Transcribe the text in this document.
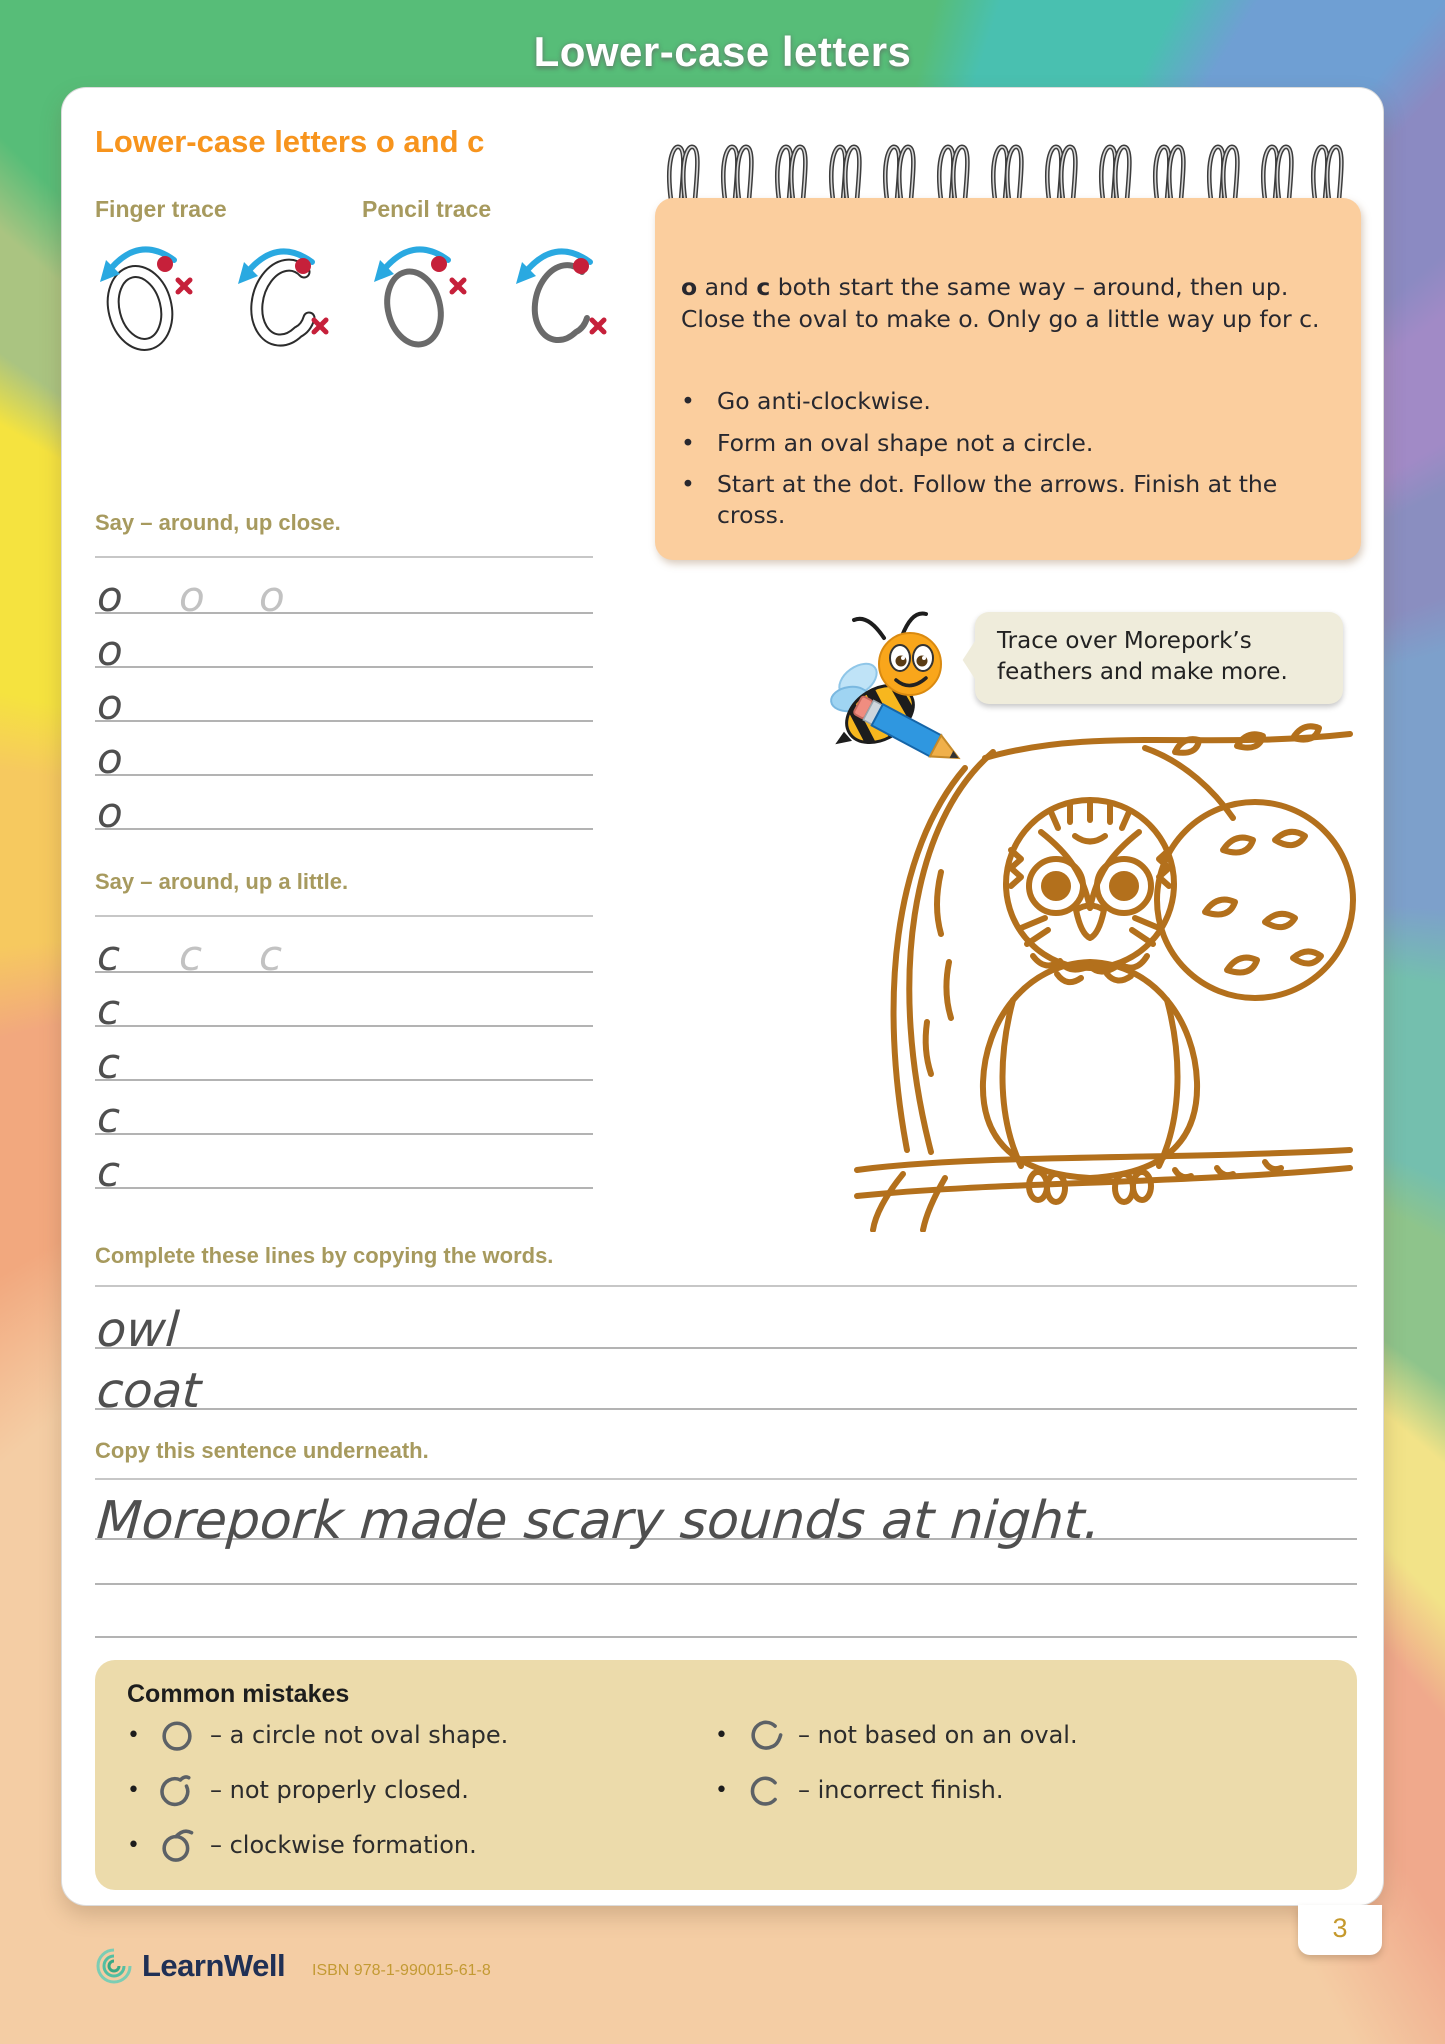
Lower-case letters
Lower-case letters o and c
Finger trace	Pencil trace

o and c both start the same way – around, then up. Close the oval to make o. Only go a little way up for c.

• Go anti-clockwise.
• Form an oval shape not a circle.
• Start at the dot. Follow the arrows. Finish at the cross.
Say – around, up close.
o o o
o
o
o
o
Say – around, up a little.
c c c
c
c
c
c
Complete these lines by copying the words.
owl
coat
Copy this sentence underneath.
Morepork made scary sounds at night.
Common mistakes
•	– a circle not oval shape.
•	– not properly closed.
•	– clockwise formation.
•	– not based on an oval.
•	– incorrect finish.
Trace over Morepork’s feathers and make more.
LearnWell ISBN 978-1-990015-61-8
3
